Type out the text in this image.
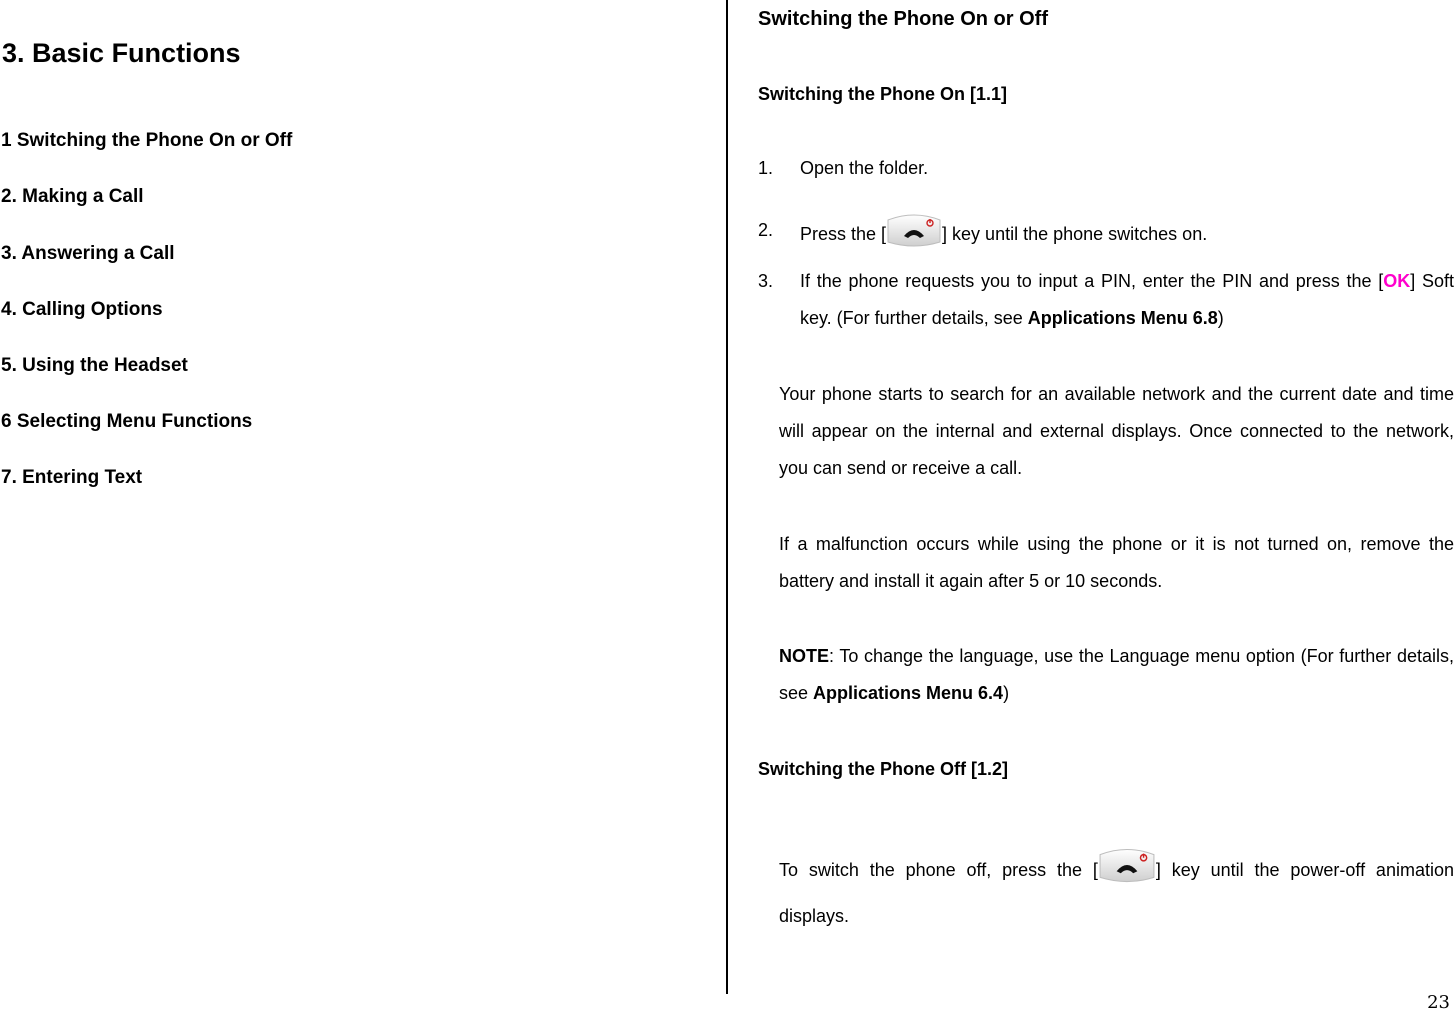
3. Basic Functions
1 Switching the Phone On or Off
2. Making a Call
3. Answering a Call
4. Calling Options
5. Using the Headset
6 Selecting Menu Functions
7. Entering Text
Switching the Phone On or Off
Switching the Phone On [1.1]
1. Open the folder.
2. Press the [	] key until the phone switches on.
3. If the phone requests you to input a PIN, enter the PIN and press the [OK] Soft key. (For further details, see Applications Menu 6.8)
Your phone starts to search for an available network and the current date and time will appear on the internal and external displays. Once connected to the network, you can send or receive a call.
If a malfunction occurs while using the phone or it is not turned on, remove the battery and install it again after 5 or 10 seconds.
NOTE: To change the language, use the Language menu option (For further details, see Applications Menu 6.4)
Switching the Phone Off [1.2]
To switch the phone off, press the [	] key until the power-off animation displays.
23
